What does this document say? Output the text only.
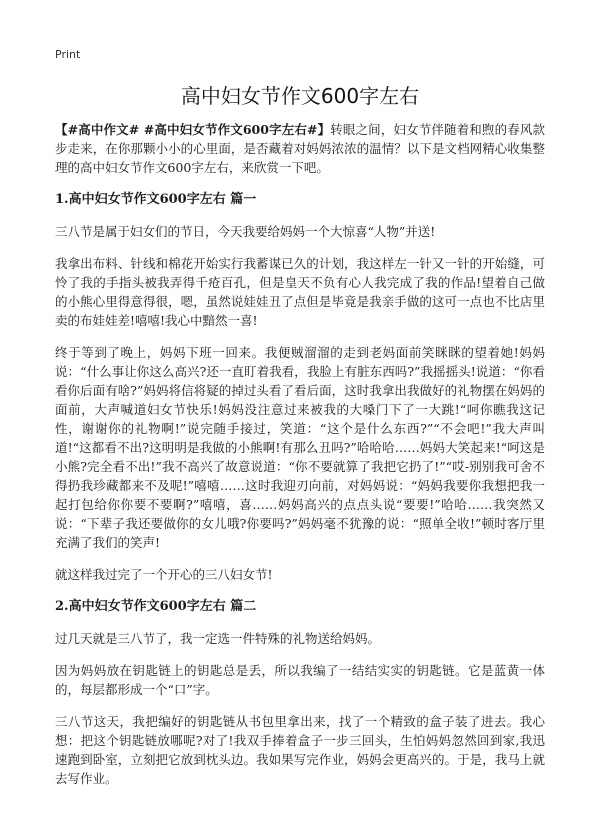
Print
高中妇女节作文600字左右

【#高中作文# #高中妇女节作文600字左右#】转眼之间，妇女节伴随着和煦的春风款步走来，在你那颗小小的心里面，是否藏着对妈妈浓浓的温情？以下是文档网精心收集整理的高中妇女节作文600字左右，来欣赏一下吧。

1.高中妇女节作文600字左右 篇一

三八节是属于妇女们的节日，今天我要给妈妈一个大惊喜“人物”并送!

我拿出布料、针线和棉花开始实行我蓄谋已久的计划，我这样左一针又一针的开始缝，可怜了我的手指头被我弄得千疮百孔，但是皇天不负有心人我完成了我的作品!望着自己做的小熊心里得意得很，嗯，虽然说娃娃丑了点但是毕竟是我亲手做的这可一点也不比店里卖的布娃娃差!嘻嘻!我心中黯然一喜!

终于等到了晚上，妈妈下班一回来。我便贼溜溜的走到老妈面前笑眯眯的望着她!妈妈说：“什么事让你这么高兴?还一直盯着我看，我脸上有脏东西吗?”我摇摇头!说道：“你看看你后面有啥?”妈妈将信将疑的掉过头看了看后面，这时我拿出我做好的礼物摆在妈妈的面前，大声喊道妇女节快乐!妈妈没注意过来被我的大嗓门下了一大跳!“呵你瞧我这记性，谢谢你的礼物啊!”说完随手接过，笑道：“这个是什么东西?”“不会吧!”我大声叫道!“这都看不出?这明明是我做的小熊啊!有那么丑吗?”哈哈哈……妈妈大笑起来!“呵这是小熊?完全看不出!”我不高兴了故意说道：“你不要就算了我把它扔了!”“哎-别别我可舍不得扔我珍藏都来不及呢!”嘻嘻……这时我迎刃向前，对妈妈说：“妈妈我要你我想把我一起打包给你你要不要啊?”嘻嘻，喜……妈妈高兴的点点头说“要要!”哈哈……我突然又说：“下辈子我还要做你的女儿哦?你要吗?”妈妈毫不犹豫的说：“照单全收!”顿时客厅里充满了我们的笑声!

就这样我过完了一个开心的三八妇女节!

2.高中妇女节作文600字左右 篇二

过几天就是三八节了，我一定选一件特殊的礼物送给妈妈。

因为妈妈放在钥匙链上的钥匙总是丢，所以我编了一结结实实的钥匙链。它是蓝黄一体的，每层都形成一个“口”字。

三八节这天，我把编好的钥匙链从书包里拿出来，找了一个精致的盒子装了进去。我心想：把这个钥匙链放哪呢?对了!我双手捧着盒子一步三回头，生怕妈妈忽然回到家,我迅速跑到卧室，立刻把它放到枕头边。我如果写完作业，妈妈会更高兴的。于是，我马上就去写作业。
